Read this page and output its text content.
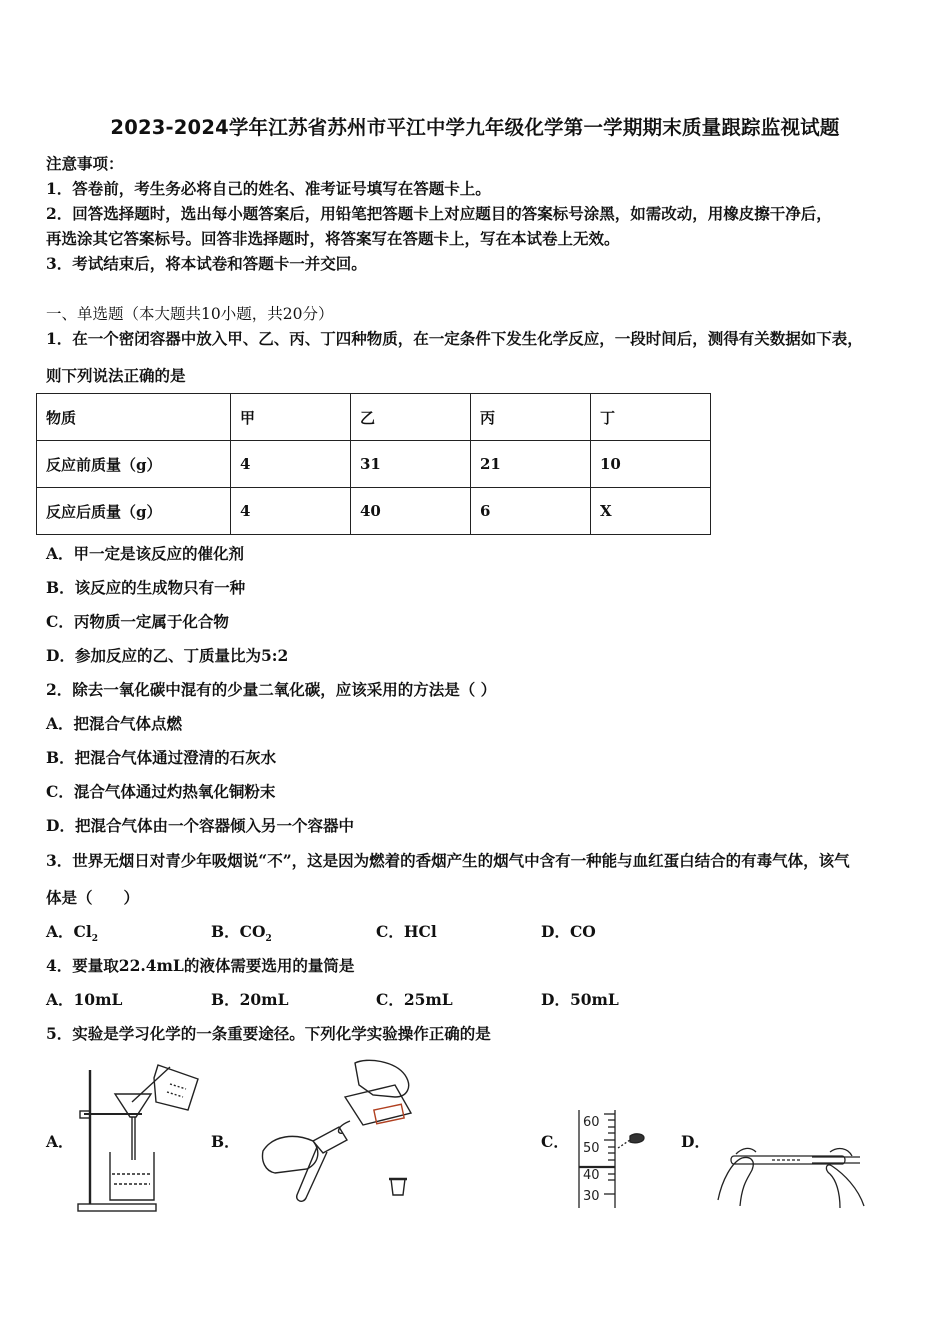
2023-2024学年江苏省苏州市平江中学九年级化学第一学期期末质量跟踪监视试题
注意事项：
1．答卷前，考生务必将自己的姓名、准考证号填写在答题卡上。
2．回答选择题时，选出每小题答案后，用铅笔把答题卡上对应题目的答案标号涂黑，如需改动，用橡皮擦干净后，
再选涂其它答案标号。回答非选择题时，将答案写在答题卡上，写在本试卷上无效。
3．考试结束后，将本试卷和答题卡一并交回。
一、单选题（本大题共10小题，共20分）
1．在一个密闭容器中放入甲、乙、丙、丁四种物质，在一定条件下发生化学反应，一段时间后，测得有关数据如下表，
则下列说法正确的是
物质	甲	乙	丙	丁
反应前质量（g）	4	31	21	10
反应后质量（g）	4	40	6	X
A．甲一定是该反应的催化剂
B．该反应的生成物只有一种
C．丙物质一定属于化合物
D．参加反应的乙、丁质量比为5:2
2．除去一氧化碳中混有的少量二氧化碳，应该采用的方法是（ ）
A．把混合气体点燃
B．把混合气体通过澄清的石灰水
C．混合气体通过灼热氧化铜粉末
D．把混合气体由一个容器倾入另一个容器中
3．世界无烟日对青少年吸烟说“不”，这是因为燃着的香烟产生的烟气中含有一种能与血红蛋白结合的有毒气体，该气
体是（　　）
A．$Cl_2$	B．$CO_2$	C．HCl	D．CO
4．要量取22.4mL的液体需要选用的量筒是
A．10mL	B．20mL	C．25mL	D．50mL
5．实验是学习化学的一条重要途径。下列化学实验操作正确的是
A．	B．	C．	D．
60
50
40
30
